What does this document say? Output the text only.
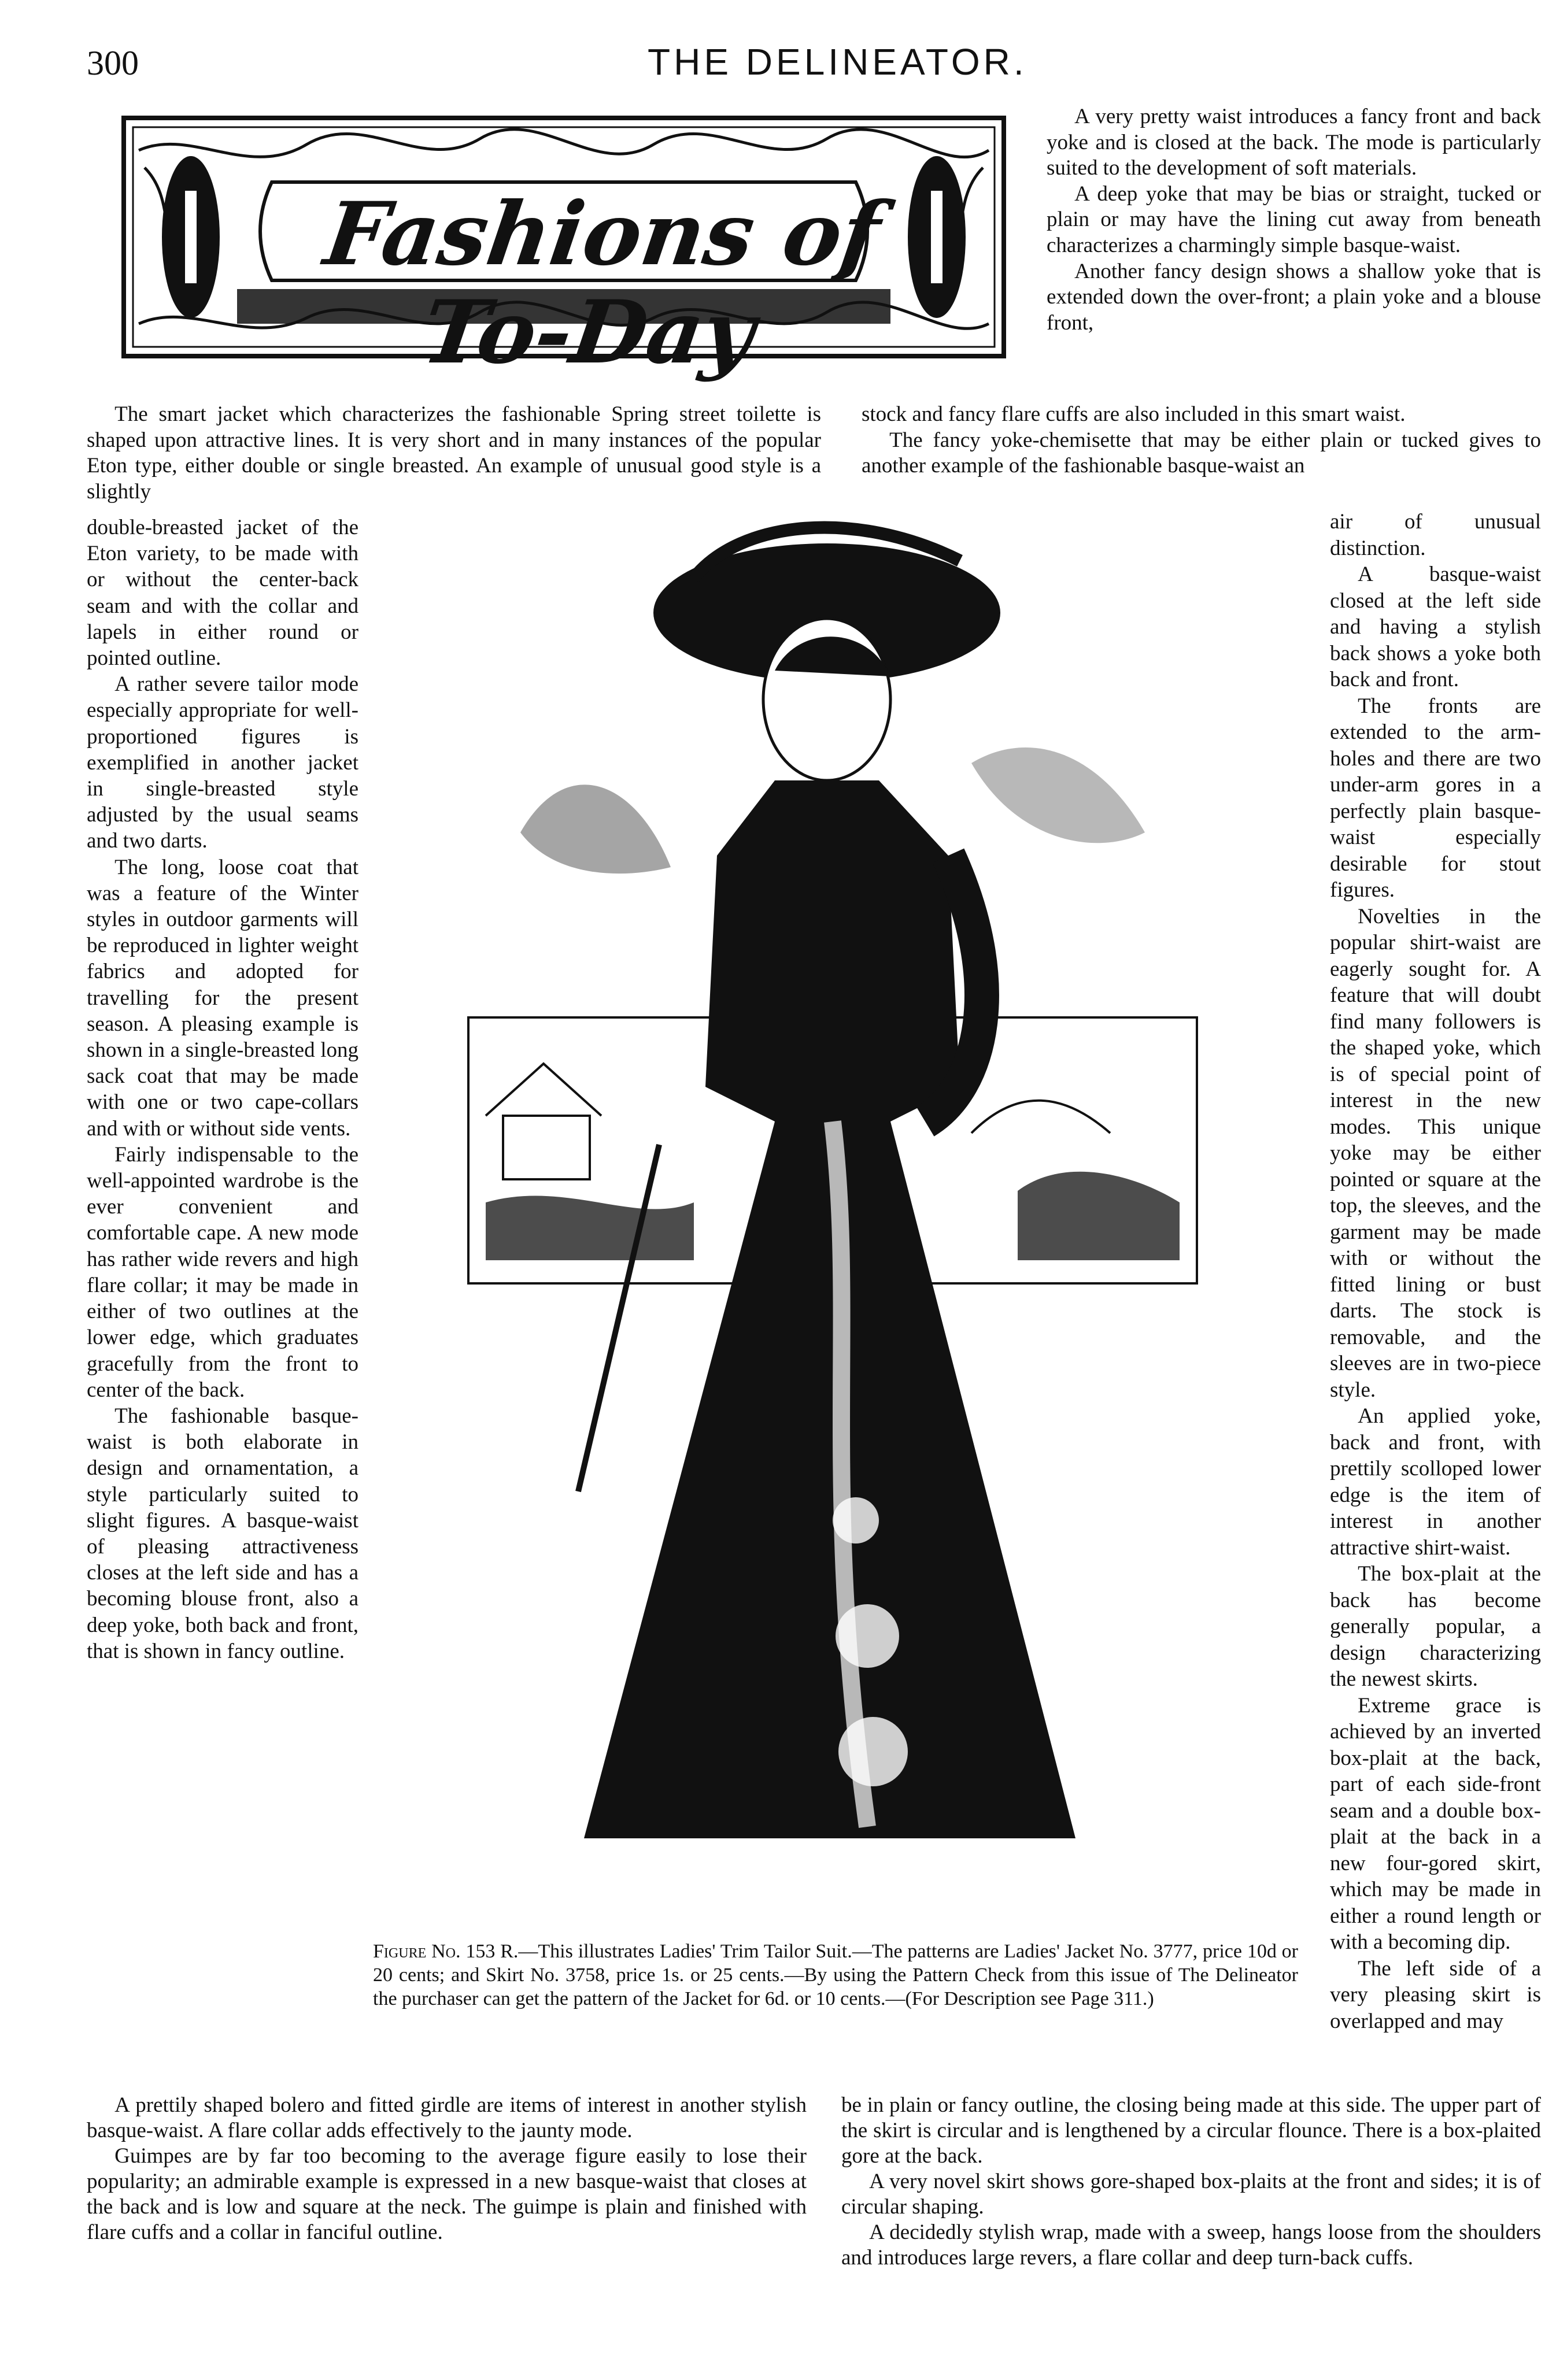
300	THE DELINEATOR.
Fashions of To-Day

The smart jacket which characterizes the fashionable Spring street toilette is shaped upon attractive lines. It is very short and in many instances of the popular Eton type, either double or single breasted. An example of unusual good style is a slightly

double-breasted jacket of the Eton variety, to be made with or without the center-back seam and with the collar and lapels in either round or pointed outline.

A rather severe tailor mode especially appropriate for well-proportioned figures is exemplified in another jacket in single-breasted style adjusted by the usual seams and two darts.

The long, loose coat that was a feature of the Winter styles in outdoor garments will be reproduced in lighter weight fabrics and adopted for travelling for the present season. A pleasing example is shown in a single-breasted long sack coat that may be made with one or two cape-collars and with or without side vents.

Fairly indispensable to the well-appointed wardrobe is the ever convenient and comfortable cape. A new mode has rather wide revers and high flare collar; it may be made in either of two outlines at the lower edge, which graduates gracefully from the front to center of the back.

The fashionable basque-waist is both elaborate in design and ornamentation, a style particularly suited to slight figures. A basque-waist of pleasing attractiveness closes at the left side and has a becoming blouse front, also a deep yoke, both back and front, that is shown in fancy outline.

Figure No. 153 R.—This illustrates Ladies' Trim Tailor Suit.—The patterns are Ladies' Jacket No. 3777, price 10d or 20 cents; and Skirt No. 3758, price 1s. or 25 cents.—By using the Pattern Check from this issue of The Delineator the purchaser can get the pattern of the Jacket for 6d. or 10 cents.—(For Description see Page 311.)

A prettily shaped bolero and fitted girdle are items of interest in another stylish basque-waist. A flare collar adds effectively to the jaunty mode.

Guimpes are by far too becoming to the average figure easily to lose their popularity; an admirable example is expressed in a new basque-waist that closes at the back and is low and square at the neck. The guimpe is plain and finished with flare cuffs and a collar in fanciful outline.

A very pretty waist introduces a fancy front and back yoke and is closed at the back. The mode is particularly suited to the development of soft materials.

A deep yoke that may be bias or straight, tucked or plain or may have the lining cut away from beneath characterizes a charmingly simple basque-waist.

Another fancy design shows a shallow yoke that is extended down the over-front; a plain yoke and a blouse front,

stock and fancy flare cuffs are also included in this smart waist.

The fancy yoke-chemisette that may be either plain or tucked gives to another example of the fashionable basque-waist an

air of unusual distinction.

A basque-waist closed at the left side and having a stylish back shows a yoke both back and front.

The fronts are extended to the arm-holes and there are two under-arm gores in a perfectly plain basque-waist especially desirable for stout figures.

Novelties in the popular shirt-waist are eagerly sought for. A feature that will doubt find many followers is the shaped yoke, which is of special point of interest in the new modes. This unique yoke may be either pointed or square at the top, the sleeves, and the garment may be made with or without the fitted lining or bust darts. The stock is removable, and the sleeves are in two-piece style.

An applied yoke, back and front, with prettily scolloped lower edge is the item of interest in another attractive shirt-waist.

The box-plait at the back has become generally popular, a design characterizing the newest skirts.

Extreme grace is achieved by an inverted box-plait at the back, part of each side-front seam and a double box-plait at the back in a new four-gored skirt, which may be made in either a round length or with a becoming dip.

The left side of a very pleasing skirt is overlapped and may

be in plain or fancy outline, the closing being made at this side. The upper part of the skirt is circular and is lengthened by a circular flounce. There is a box-plaited gore at the back.

A very novel skirt shows gore-shaped box-plaits at the front and sides; it is of circular shaping.

A decidedly stylish wrap, made with a sweep, hangs loose from the shoulders and introduces large revers, a flare collar and deep turn-back cuffs.
